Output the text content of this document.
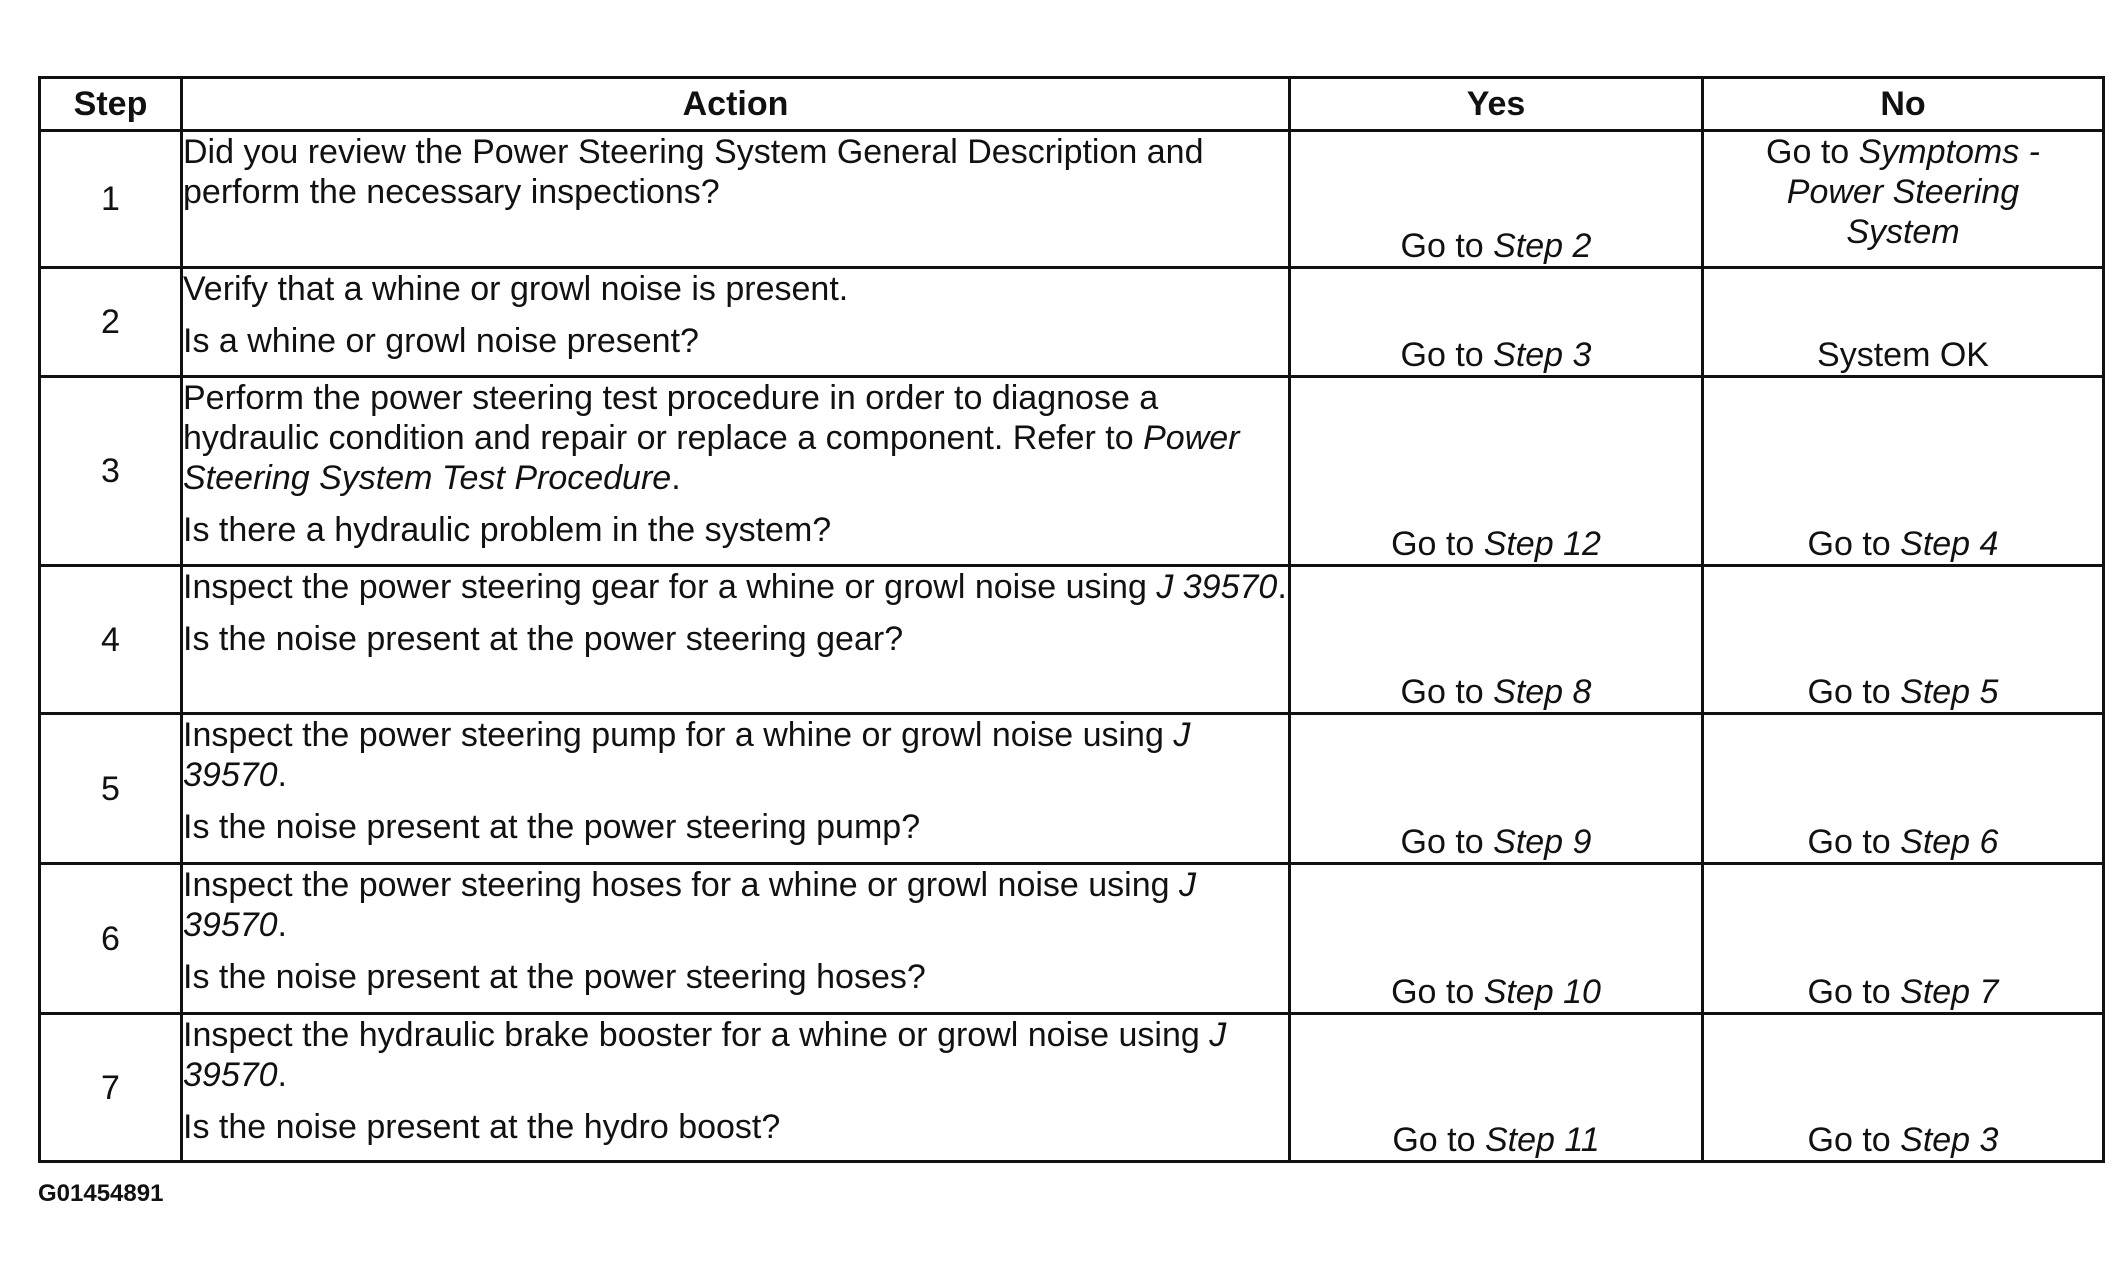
Step	Action	Yes	No
1	Did you review the Power Steering System General Description and perform the necessary inspections?	Go to Step 2	Go to Symptoms - Power Steering System
2	Verify that a whine or growl noise is present.

Is a whine or growl noise present?	Go to Step 3	System OK
3	Perform the power steering test procedure in order to diagnose a hydraulic condition and repair or replace a component. Refer to Power Steering System Test Procedure.

Is there a hydraulic problem in the system?	Go to Step 12	Go to Step 4
4	Inspect the power steering gear for a whine or growl noise using J 39570.

Is the noise present at the power steering gear?	Go to Step 8	Go to Step 5
5	Inspect the power steering pump for a whine or growl noise using J 39570.

Is the noise present at the power steering pump?	Go to Step 9	Go to Step 6
6	Inspect the power steering hoses for a whine or growl noise using J 39570.

Is the noise present at the power steering hoses?	Go to Step 10	Go to Step 7
7	Inspect the hydraulic brake booster for a whine or growl noise using J 39570.

Is the noise present at the hydro boost?	Go to Step 11	Go to Step 3
G01454891
